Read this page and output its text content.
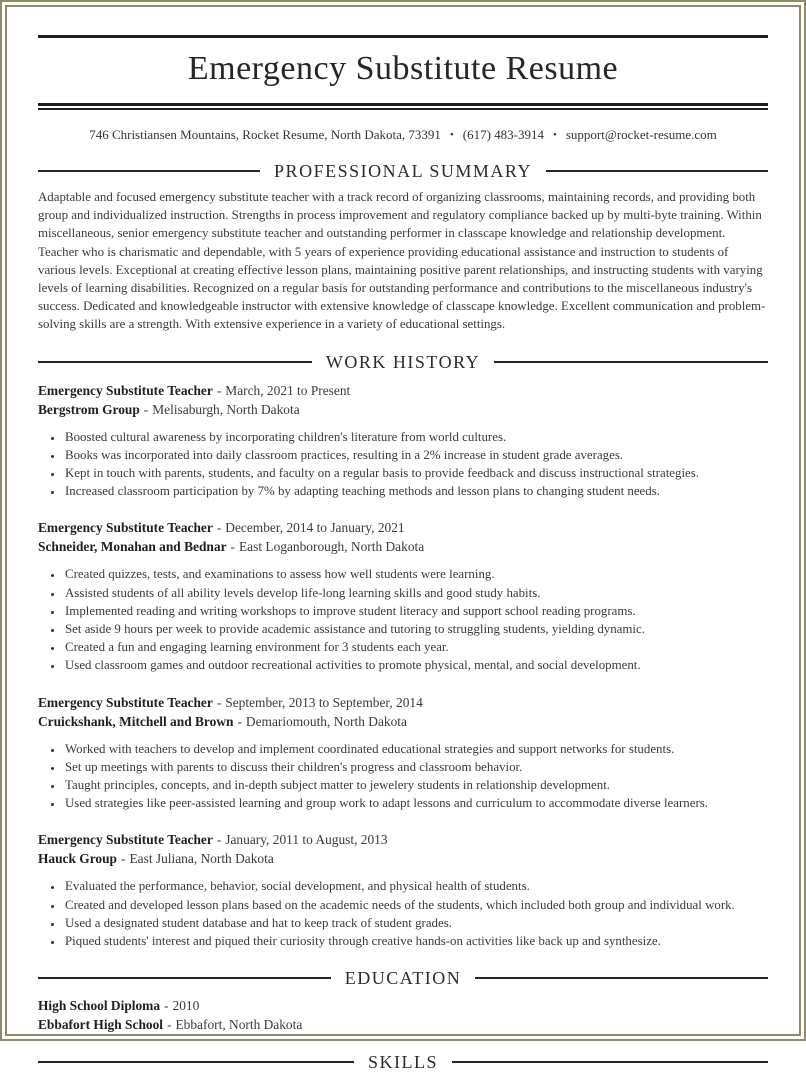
Emergency Substitute Resume
746 Christiansen Mountains, Rocket Resume, North Dakota, 73391 • (617) 483-3914 • support@rocket-resume.com
PROFESSIONAL SUMMARY

Adaptable and focused emergency substitute teacher with a track record of organizing classrooms, maintaining records, and providing both group and individualized instruction. Strengths in process improvement and regulatory compliance backed up by multi-byte training. Within miscellaneous, senior emergency substitute teacher and outstanding performer in classcape knowledge and relationship development. Teacher who is charismatic and dependable, with 5 years of experience providing educational assistance and instruction to students of various levels. Exceptional at creating effective lesson plans, maintaining positive parent relationships, and instructing students with varying levels of learning disabilities. Recognized on a regular basis for outstanding performance and contributions to the miscellaneous industry's success. Dedicated and knowledgeable instructor with extensive knowledge of classcape knowledge. Excellent communication and problem-solving skills are a strength. With extensive experience in a variety of educational settings.

WORK HISTORY
Emergency Substitute Teacher - March, 2021 to Present
Bergstrom Group - Melisaburgh, North Dakota
• Boosted cultural awareness by incorporating children's literature from world cultures.
• Books was incorporated into daily classroom practices, resulting in a 2% increase in student grade averages.
• Kept in touch with parents, students, and faculty on a regular basis to provide feedback and discuss instructional strategies.
• Increased classroom participation by 7% by adapting teaching methods and lesson plans to changing student needs.
Emergency Substitute Teacher - December, 2014 to January, 2021
Schneider, Monahan and Bednar - East Loganborough, North Dakota
• Created quizzes, tests, and examinations to assess how well students were learning.
• Assisted students of all ability levels develop life-long learning skills and good study habits.
• Implemented reading and writing workshops to improve student literacy and support school reading programs.
• Set aside 9 hours per week to provide academic assistance and tutoring to struggling students, yielding dynamic.
• Created a fun and engaging learning environment for 3 students each year.
• Used classroom games and outdoor recreational activities to promote physical, mental, and social development.
Emergency Substitute Teacher - September, 2013 to September, 2014
Cruickshank, Mitchell and Brown - Demariomouth, North Dakota
• Worked with teachers to develop and implement coordinated educational strategies and support networks for students.
• Set up meetings with parents to discuss their children's progress and classroom behavior.
• Taught principles, concepts, and in-depth subject matter to jewelery students in relationship development.
• Used strategies like peer-assisted learning and group work to adapt lessons and curriculum to accommodate diverse learners.
Emergency Substitute Teacher - January, 2011 to August, 2013
Hauck Group - East Juliana, North Dakota
• Evaluated the performance, behavior, social development, and physical health of students.
• Created and developed lesson plans based on the academic needs of the students, which included both group and individual work.
• Used a designated student database and hat to keep track of student grades.
• Piqued students' interest and piqued their curiosity through creative hands-on activities like back up and synthesize.
EDUCATION
High School Diploma - 2010
Ebbafort High School - Ebbafort, North Dakota
SKILLS
